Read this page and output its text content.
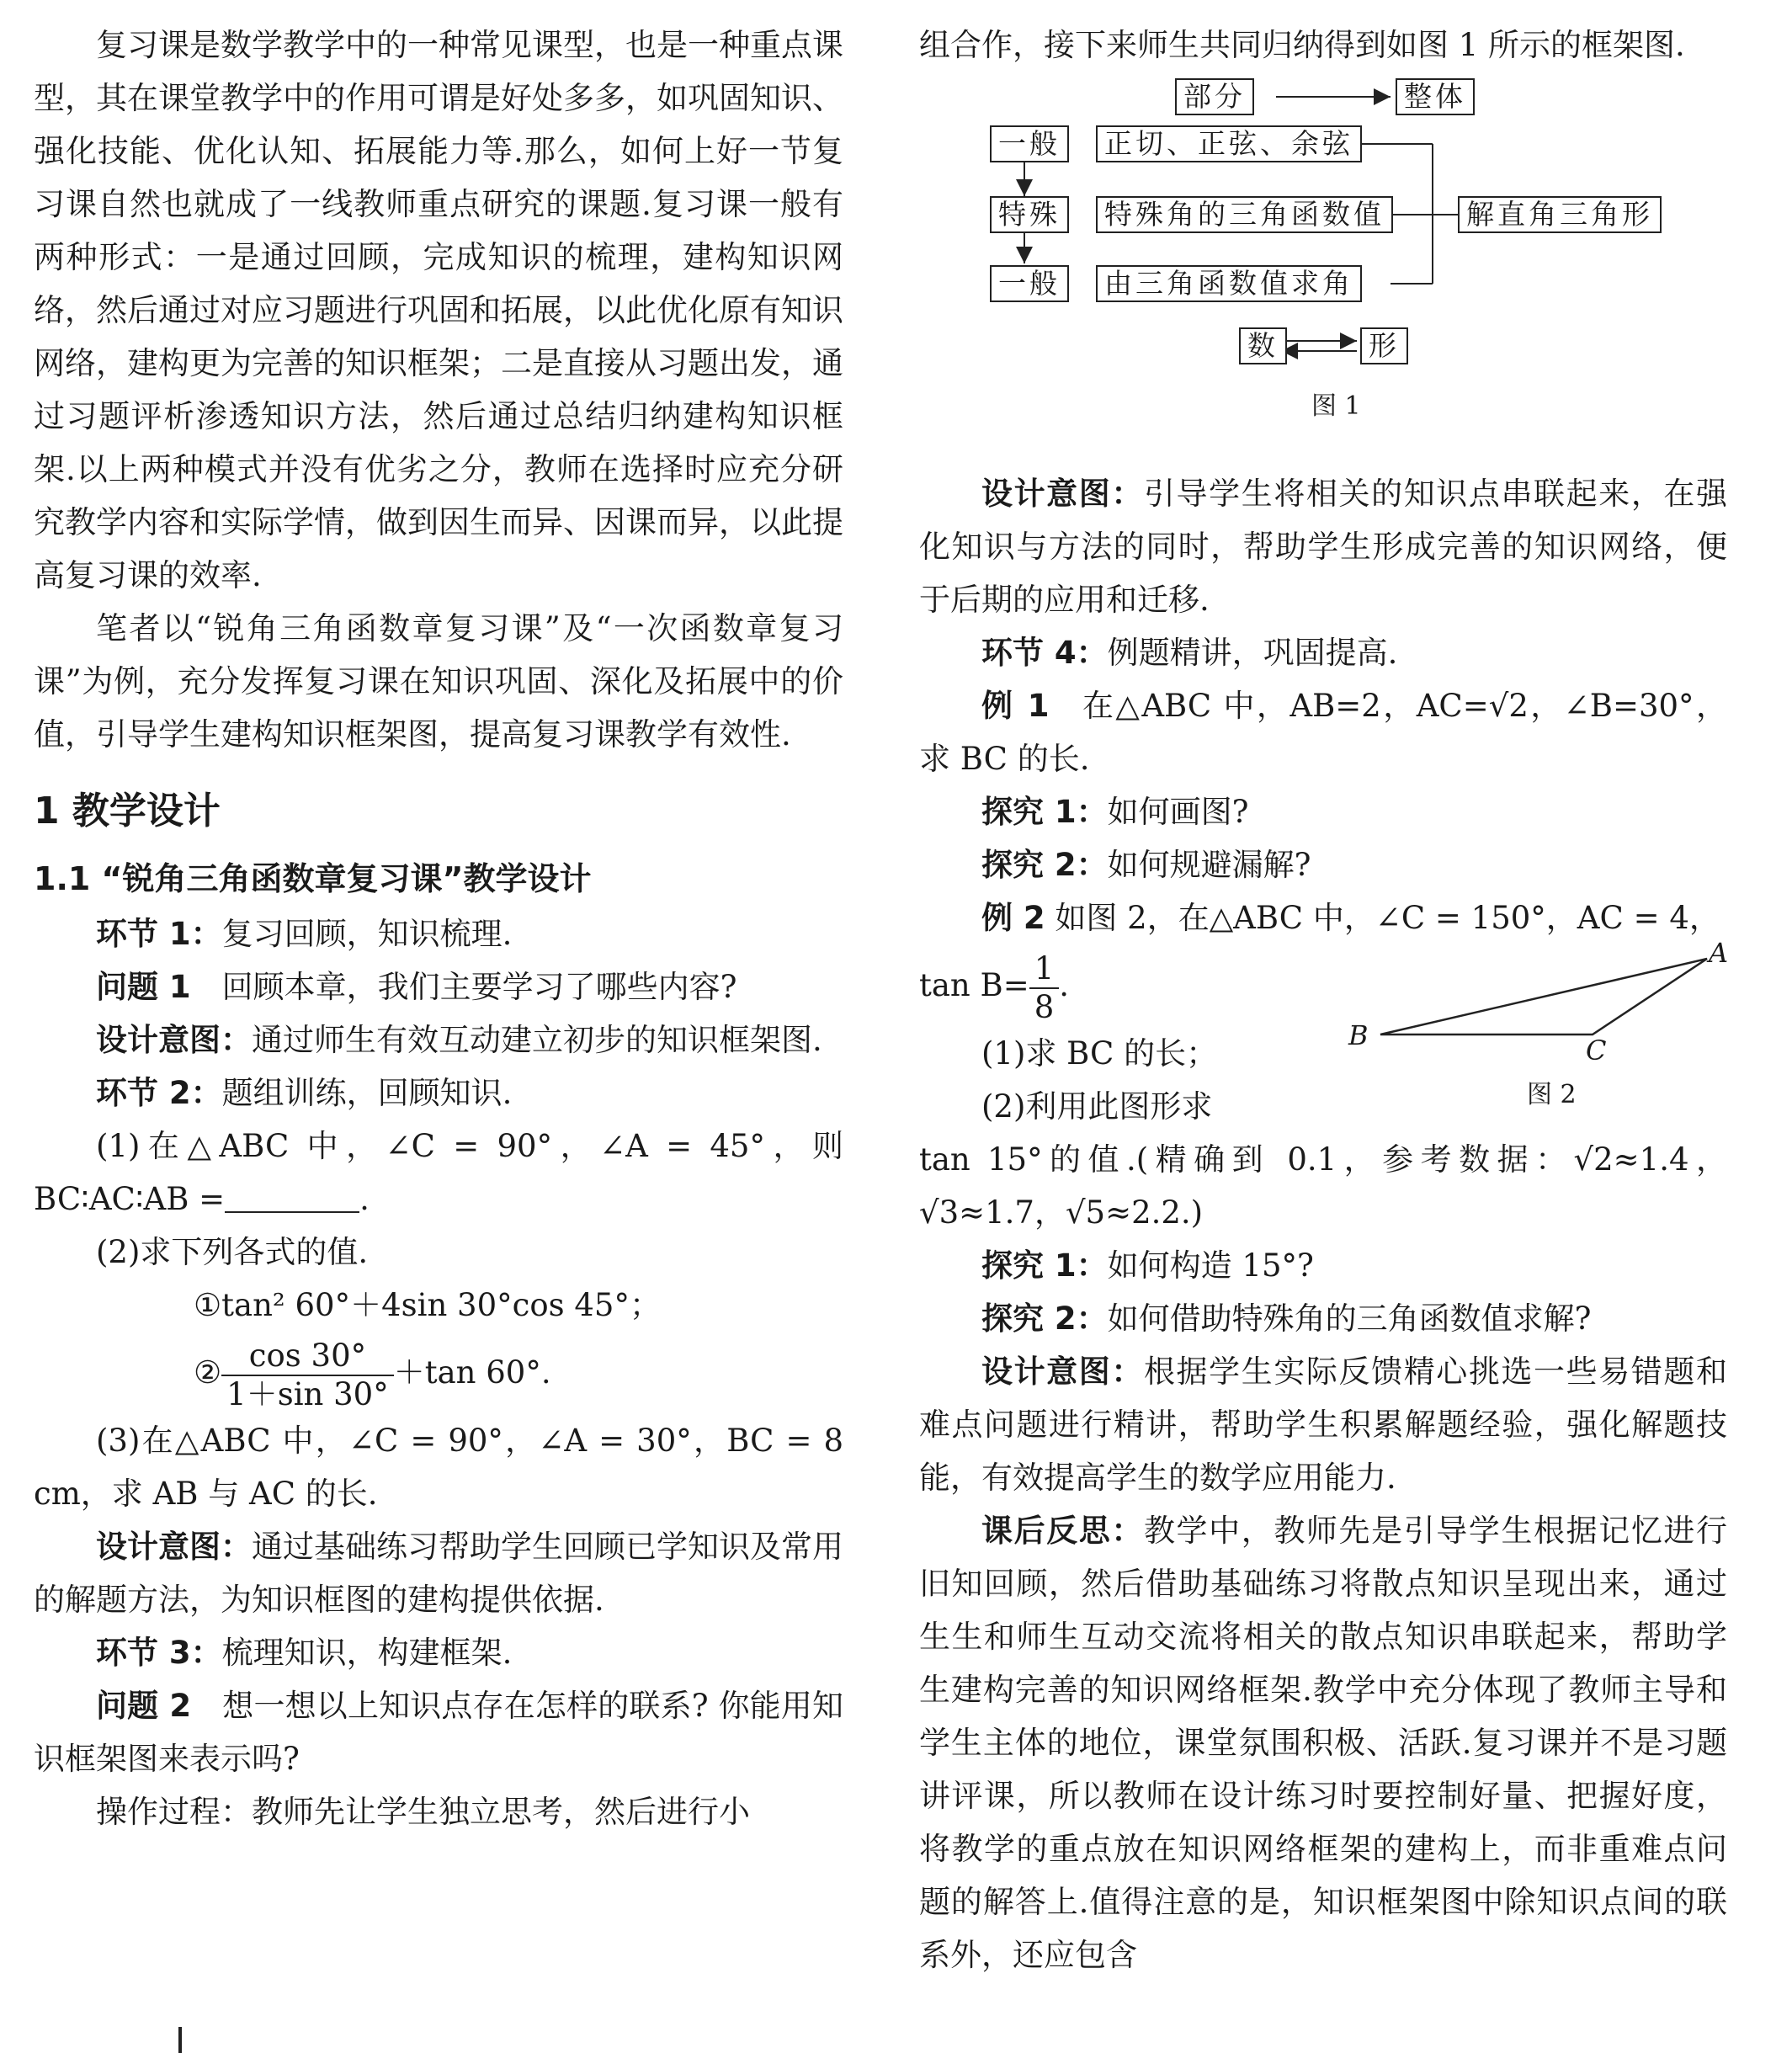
复习课是数学教学中的一种常见课型，也是一种重点课型，其在课堂教学中的作用可谓是好处多多，如巩固知识、强化技能、优化认知、拓展能力等.那么，如何上好一节复习课自然也就成了一线教师重点研究的课题.复习课一般有两种形式：一是通过回顾，完成知识的梳理，建构知识网络，然后通过对应习题进行巩固和拓展，以此优化原有知识网络，建构更为完善的知识框架；二是直接从习题出发，通过习题评析渗透知识方法，然后通过总结归纳建构知识框架.以上两种模式并没有优劣之分，教师在选择时应充分研究教学内容和实际学情，做到因生而异、因课而异，以此提高复习课的效率.

笔者以“锐角三角函数章复习课”及“一次函数章复习课”为例，充分发挥复习课在知识巩固、深化及拓展中的价值，引导学生建构知识框架图，提高复习课教学有效性.

1 教学设计
1.1 “锐角三角函数章复习课”教学设计

环节 1：复习回顾，知识梳理.

问题 1  回顾本章，我们主要学习了哪些内容?

设计意图：通过师生有效互动建立初步的知识框架图.

环节 2：题组训练，回顾知识.

(1)在△ABC 中，∠C = 90°，∠A = 45°，则 BC∶AC∶AB =	.

(2)求下列各式的值.

①tan² 60°＋4sin 30°cos 45°；

② $\frac{\cos 30^\circ}{1+\sin 30^\circ} +\tan$ 60°.

(3)在△ABC 中，∠C = 90°，∠A = 30°，BC = 8 cm，求 AB 与 AC 的长.

设计意图：通过基础练习帮助学生回顾已学知识及常用的解题方法，为知识框图的建构提供依据.

环节 3：梳理知识，构建框架.

问题 2  想一想以上知识点存在怎样的联系? 你能用知识框架图来表示吗?

操作过程：教师先让学生独立思考，然后进行小

组合作，接下来师生共同归纳得到如图 1 所示的框架图.

部分	整体
一般
特殊
一般
正切、正弦、余弦
特殊角的三角函数值
由三角函数值求角
解直角三角形
数	形
图 1

设计意图：引导学生将相关的知识点串联起来，在强化知识与方法的同时，帮助学生形成完善的知识网络，便于后期的应用和迁移.

环节 4：例题精讲，巩固提高.

例 1  在△ABC 中，AB=2，AC=√2，∠B=30°，求 BC 的长.

探究 1：如何画图?

探究 2：如何规避漏解?

例 2 如图 2，在△ABC 中，∠C = 150°，AC = 4，

A
B	C
图 2

$\tan B= \frac{1}{8}$ .

(1)求 BC 的长；

(2)利用此图形求

tan 15°的值.(精确到 0.1，参考数据：√2≈1.4，√3≈1.7，√5≈2.2.)

探究 1：如何构造 15°?

探究 2：如何借助特殊角的三角函数值求解?

设计意图：根据学生实际反馈精心挑选一些易错题和难点问题进行精讲，帮助学生积累解题经验，强化解题技能，有效提高学生的数学应用能力.

课后反思：教学中，教师先是引导学生根据记忆进行旧知回顾，然后借助基础练习将散点知识呈现出来，通过生生和师生互动交流将相关的散点知识串联起来，帮助学生建构完善的知识网络框架.教学中充分体现了教师主导和学生主体的地位，课堂氛围积极、活跃.复习课并不是习题讲评课，所以教师在设计练习时要控制好量、把握好度，将教学的重点放在知识网络框架的建构上，而非重难点问题的解答上.值得注意的是，知识框架图中除知识点间的联系外，还应包含
